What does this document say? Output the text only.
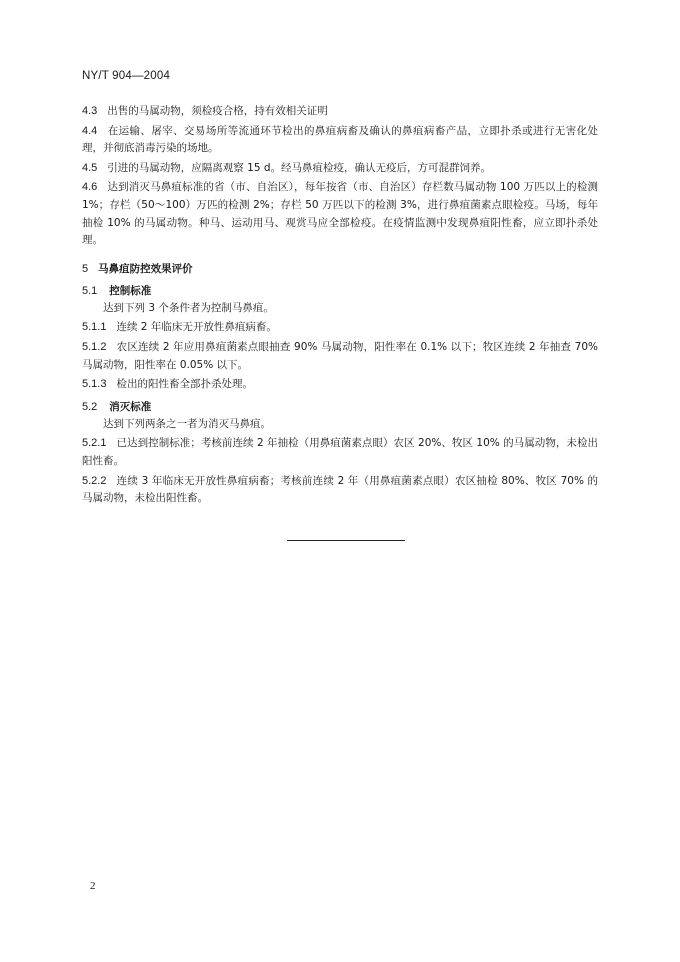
NY/T 904—2004

4.3 出售的马属动物，须检疫合格，持有效相关证明

4.4 在运输、屠宰、交易场所等流通环节检出的鼻疽病畜及确认的鼻疽病畜产品，立即扑杀或进行无害化处理，并彻底消毒污染的场地。

4.5 引进的马属动物，应隔离观察 15 d。经马鼻疽检疫，确认无疫后，方可混群饲养。

4.6 达到消灭马鼻疽标准的省（市、自治区），每年按省（市、自治区）存栏数马属动物 100 万匹以上的检测 1%；存栏（50～100）万匹的检测 2%；存栏 50 万匹以下的检测 3%，进行鼻疽菌素点眼检疫。马场，每年抽检 10% 的马属动物。种马、运动用马、观赏马应全部检疫。在疫情监测中发现鼻疽阳性畜，应立即扑杀处理。

5 马鼻疽防控效果评价
5.1 控制标准

达到下列 3 个条件者为控制马鼻疽。

5.1.1 连续 2 年临床无开放性鼻疽病畜。

5.1.2 农区连续 2 年应用鼻疽菌素点眼抽查 90% 马属动物，阳性率在 0.1% 以下；牧区连续 2 年抽查 70% 马属动物，阳性率在 0.05% 以下。

5.1.3 检出的阳性畜全部扑杀处理。

5.2 消灭标准

达到下列两条之一者为消灭马鼻疽。

5.2.1 已达到控制标准；考核前连续 2 年抽检（用鼻疽菌素点眼）农区 20%、牧区 10% 的马属动物，未检出阳性畜。

5.2.2 连续 3 年临床无开放性鼻疽病畜；考核前连续 2 年（用鼻疽菌素点眼）农区抽检 80%、牧区 70% 的马属动物，未检出阳性畜。

2
